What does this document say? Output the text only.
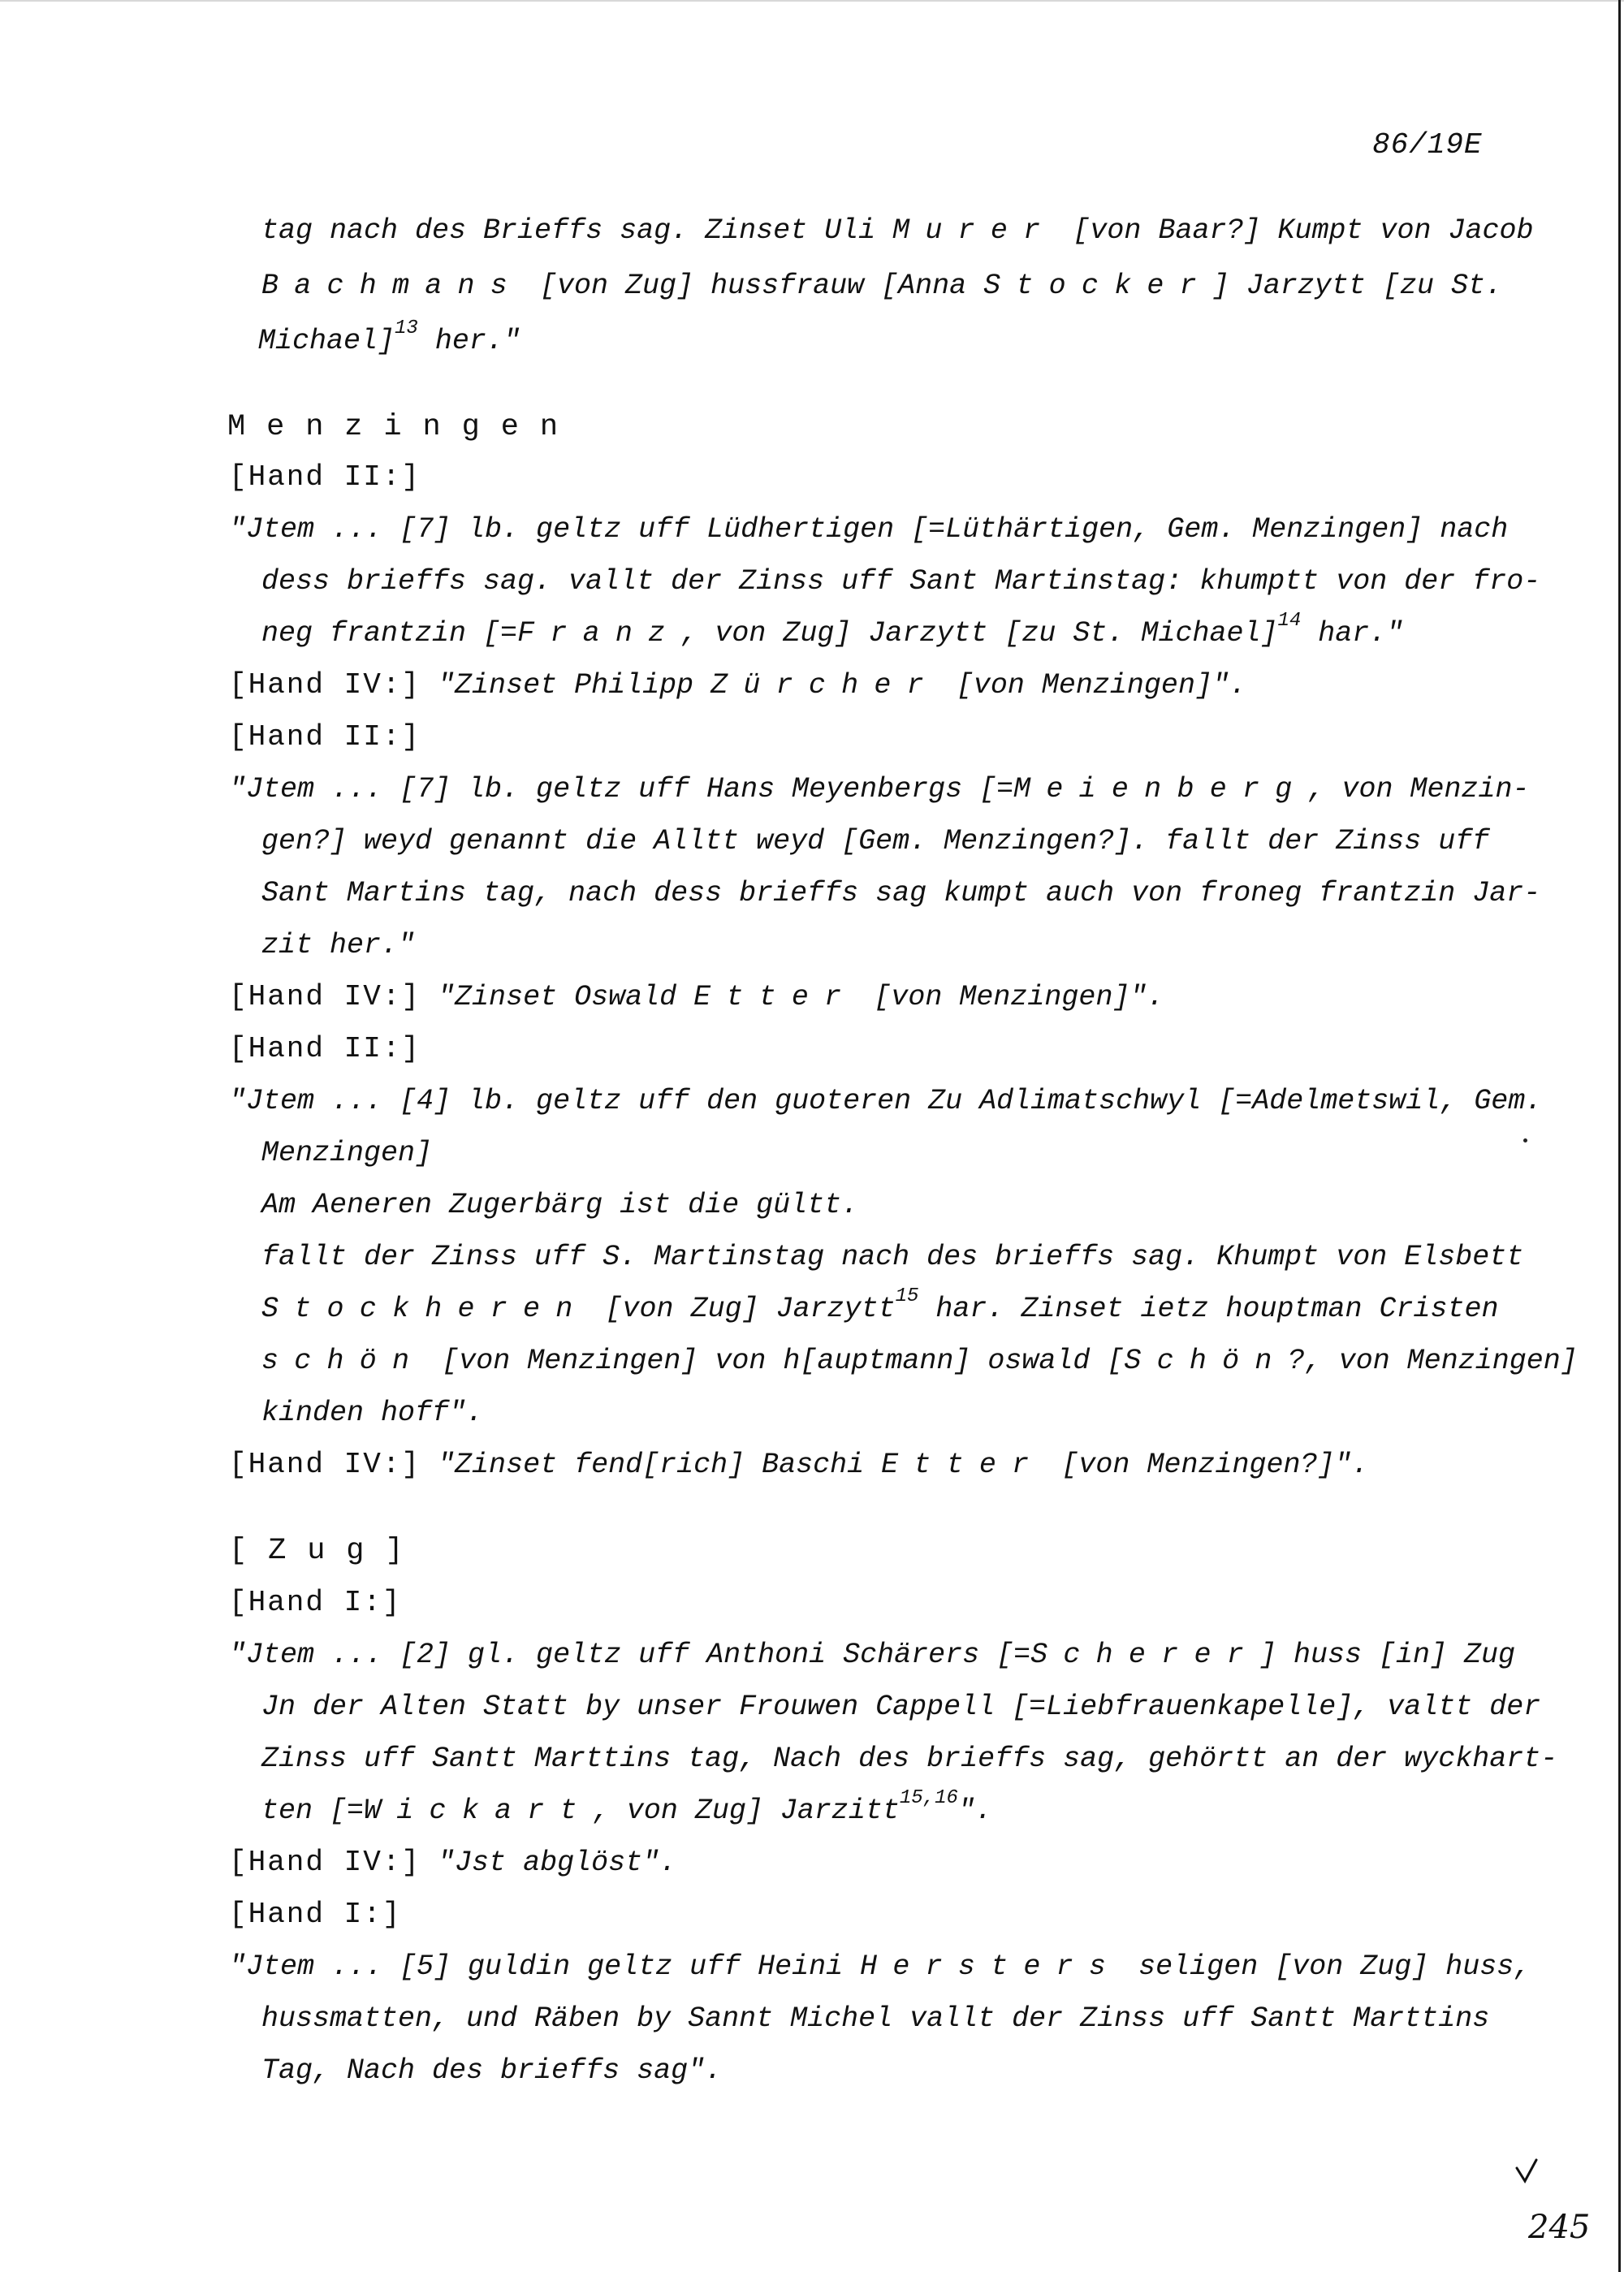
86/19E
tag nach des Brieffs sag. Zinset Uli Murer [von Baar?] Kumpt von Jacob
Bachmans [von Zug] hussfrauw [Anna Stocker] Jarzytt [zu St.
Michael]$^{13}$ her."
Menzingen
[Hand II:]
"Jtem ... [7] lb. geltz uff Lüdhertigen [=Lüthärtigen, Gem. Menzingen] nach
dess brieffs sag. vallt der Zinss uff Sant Martinstag: khumptt von der fro-
neg frantzin [=Franz, von Zug] Jarzytt [zu St. Michael]$^{14}$ har."
[Hand IV:] "Zinset Philipp Zürcher [von Menzingen]".
[Hand II:]
"Jtem ... [7] lb. geltz uff Hans Meyenbergs [=Meienberg, von Menzin-
gen?] weyd genannt die Alltt weyd [Gem. Menzingen?]. fallt der Zinss uff
Sant Martins tag, nach dess brieffs sag kumpt auch von froneg frantzin Jar-
zit her."
[Hand IV:] "Zinset Oswald Etter [von Menzingen]".
[Hand II:]
"Jtem ... [4] lb. geltz uff den guoteren Zu Adlimatschwyl [=Adelmetswil, Gem.
Menzingen]
Am Aeneren Zugerbärg ist die gültt.
fallt der Zinss uff S. Martinstag nach des brieffs sag. Khumpt von Elsbett
Stockheren [von Zug] Jarzytt$^{15}$ har. Zinset ietz houptman Cristen
schön [von Menzingen] von h[auptmann] oswald [Schön?, von Menzingen]
kinden hoff".
[Hand IV:] "Zinset fend[rich] Baschi Etter [von Menzingen?]".
[Zug]
[Hand I:]
"Jtem ... [2] gl. geltz uff Anthoni Schärers [=Scherer] huss [in] Zug
Jn der Alten Statt by unser Frouwen Cappell [=Liebfrauenkapelle], valtt der
Zinss uff Santt Marttins tag, Nach des brieffs sag, gehörtt an der wyckhart-
ten [=Wickart, von Zug] Jarzitt$^{15,16}$".
[Hand IV:] "Jst abglöst".
[Hand I:]
"Jtem ... [5] guldin geltz uff Heini Hersters seligen [von Zug] huss,
hussmatten, und Räben by Sannt Michel vallt der Zinss uff Santt Marttins
Tag, Nach des brieffs sag".
245
